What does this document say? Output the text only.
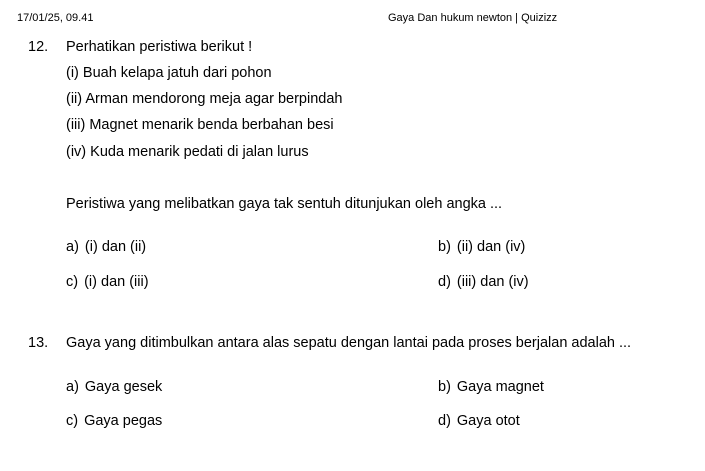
17/01/25, 09.41	Gaya Dan hukum newton | Quizizz
12. Perhatikan peristiwa berikut !
(i) Buah kelapa jatuh dari pohon
(ii) Arman mendorong meja agar berpindah
(iii) Magnet menarik benda berbahan besi
(iv) Kuda menarik pedati di jalan lurus
Peristiwa yang melibatkan gaya tak sentuh ditunjukan oleh angka ...
a) (i) dan (ii)	b) (ii) dan (iv)
c) (i) dan (iii)	d) (iii) dan (iv)
13. Gaya yang ditimbulkan antara alas sepatu dengan lantai pada proses berjalan adalah ...
a) Gaya gesek	b) Gaya magnet
c) Gaya pegas	d) Gaya otot
